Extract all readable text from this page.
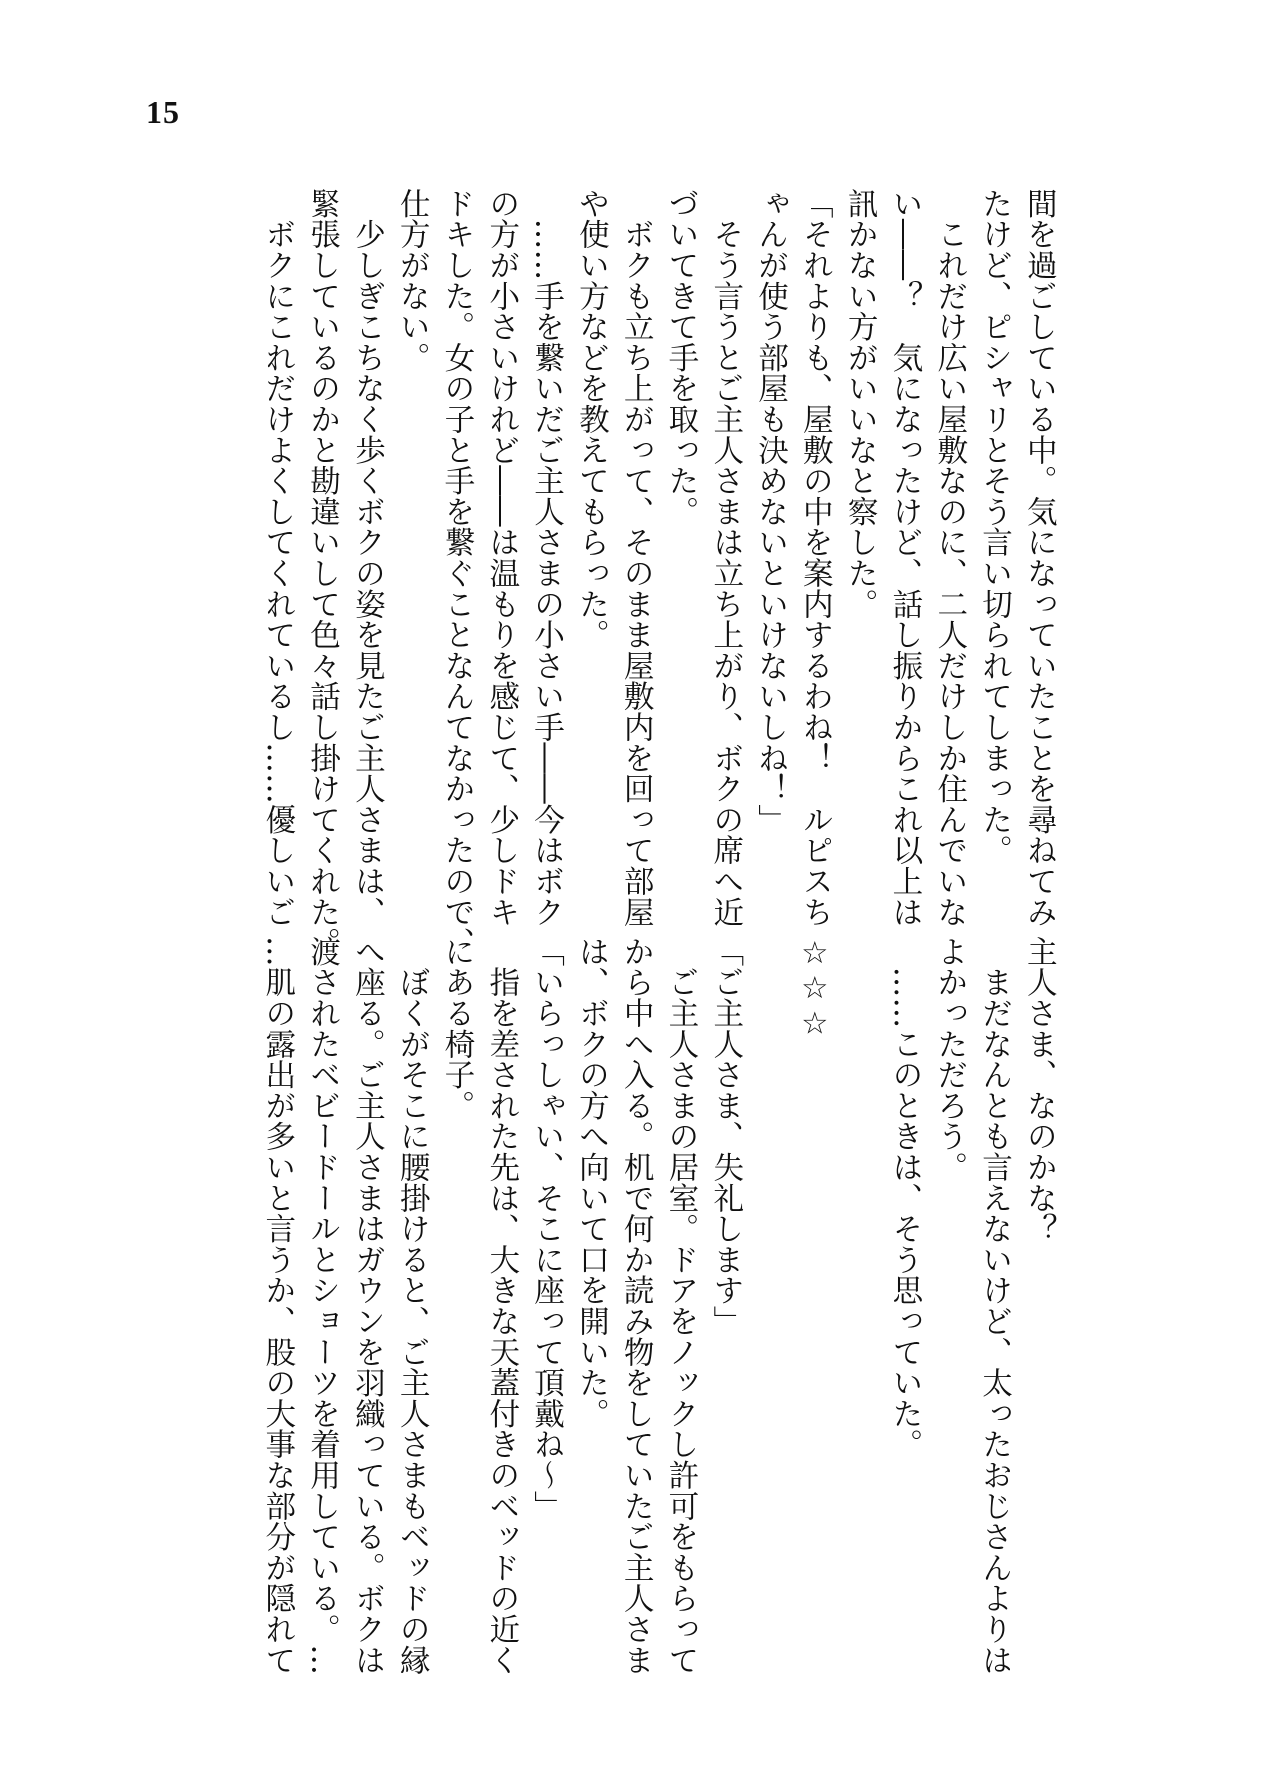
15
間を過ごしている中。気になっていたことを尋ねてみ
たけど、ピシャリとそう言い切られてしまった。
　これだけ広い屋敷なのに、二人だけしか住んでいな
い――？　気になったけど、話し振りからこれ以上は
訊かない方がいいなと察した。
「それよりも、屋敷の中を案内するわね！　ルピスち
ゃんが使う部屋も決めないといけないしね！」
　そう言うとご主人さまは立ち上がり、ボクの席へ近
づいてきて手を取った。
　ボクも立ち上がって、そのまま屋敷内を回って部屋
や使い方などを教えてもらった。
　……手を繋いだご主人さまの小さい手――今はボク
の方が小さいけれど――は温もりを感じて、少しドキ
ドキした。女の子と手を繋ぐことなんてなかったので、
仕方がない。
　少しぎこちなく歩くボクの姿を見たご主人さまは、
緊張しているのかと勘違いして色々話し掛けてくれた。
　ボクにこれだけよくしてくれているし……優しいご
主人さま、なのかな？
　まだなんとも言えないけど、太ったおじさんよりは
よかっただろう。
　……このときは、そう思っていた。

☆☆☆

「ご主人さま、失礼します」
　ご主人さまの居室。ドアをノックし許可をもらって
から中へ入る。机で何か読み物をしていたご主人さま
は、ボクの方へ向いて口を開いた。
「いらっしゃい、そこに座って頂戴ね～」
　指を差された先は、大きな天蓋付きのベッドの近く
にある椅子。
　ぼくがそこに腰掛けると、ご主人さまもベッドの縁
へ座る。ご主人さまはガウンを羽織っている。ボクは
渡されたベビードールとショーツを着用している。…
…肌の露出が多いと言うか、股の大事な部分が隠れて
